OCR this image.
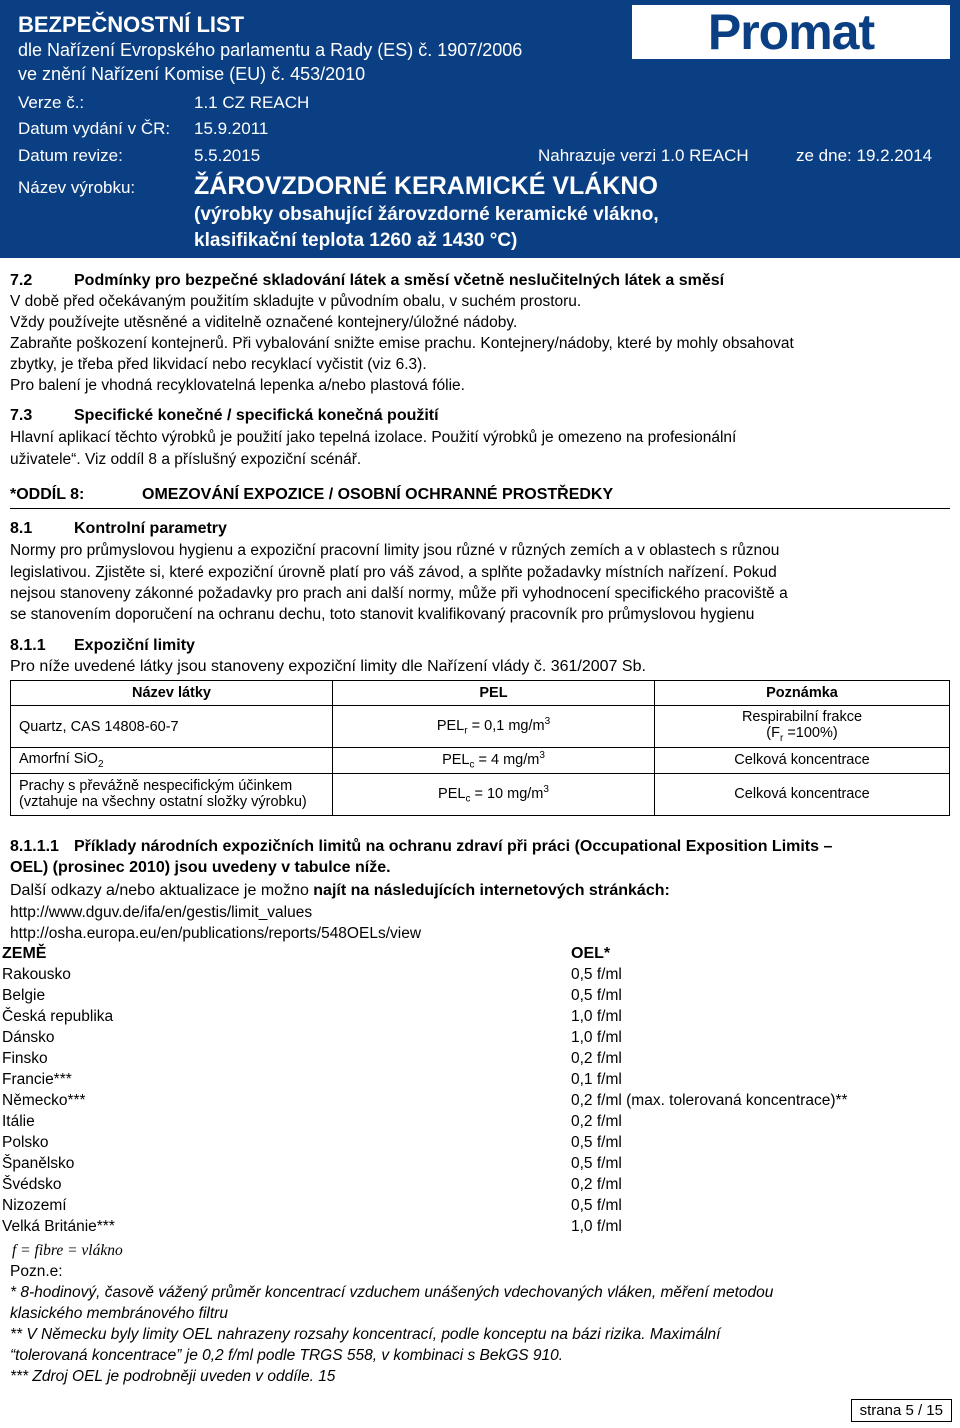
BEZPEČNOSTNÍ LIST
dle Nařízení Evropského parlamentu a Rady (ES) č. 1907/2006
ve znění Nařízení Komise (EU) č. 453/2010
Verze č.:	1.1 CZ REACH
Datum vydání v ČR: 15.9.2011
Datum revize:	5.5.2015	Nahrazuje verzi 1.0 REACH	ze dne: 19.2.2014
Název výrobku: ŽÁROVZDORNÉ KERAMICKÉ VLÁKNO
(výrobky obsahující žárovzdorné keramické vlákno,
klasifikační teplota 1260 až 1430 °C)
Promat
7.2	Podmínky pro bezpečné skladování látek a směsí včetně neslučitelných látek a směsí
V době před očekávaným použitím skladujte v původním obalu, v suchém prostoru.
Vždy používejte utěsněné a viditelně označené kontejnery/úložné nádoby.
Zabraňte poškození kontejnerů. Při vybalování snižte emise prachu. Kontejnery/nádoby, které by mohly obsahovat
zbytky, je třeba před likvidací nebo recyklací vyčistit (viz 6.3).
Pro balení je vhodná recyklovatelná lepenka a/nebo plastová fólie.
7.3	Specifické konečné / specifická konečná použití
Hlavní aplikací těchto výrobků je použití jako tepelná izolace. Použití výrobků je omezeno na profesionální
uživatele“. Viz oddíl 8 a příslušný expoziční scénář.
*ODDÍL 8:	OMEZOVÁNÍ EXPOZICE / OSOBNÍ OCHRANNÉ PROSTŘEDKY
8.1	Kontrolní parametry
Normy pro průmyslovou hygienu a expoziční pracovní limity jsou různé v různých zemích a v oblastech s různou
legislativou. Zjistěte si, které expoziční úrovně platí pro váš závod, a splňte požadavky místních nařízení. Pokud
nejsou stanoveny zákonné požadavky pro prach ani další normy, může při vyhodnocení specifického pracoviště a
se stanovením doporučení na ochranu dechu, toto stanovit kvalifikovaný pracovník pro průmyslovou hygienu
8.1.1 Expoziční limity
Pro níže uvedené látky jsou stanoveny expoziční limity dle Nařízení vlády č. 361/2007 Sb.
Název látky	PEL	Poznámka
Quartz, CAS 14808-60-7	$PEL_r = 0,1$ $mg/m^3$	Respirabilní frakce
$(F_r =100\%)$

Amorfní SiO$_2$	$PEL_c = 4$ $mg/m^3$	Celková koncentrace

Prachy s převážně nespecifickým účinkem
(vztahuje na všechny ostatní složky výrobku)	$PEL_c = 10$ $mg/m^3$	Celková koncentrace
8.1.1.1 Příklady národních expozičních limitů na ochranu zdraví při práci (Occupational Exposition Limits –
OEL) (prosinec 2010) jsou uvedeny v tabulce níže.
Další odkazy a/nebo aktualizace je možno najít na následujících internetových stránkách:
http://www.dguv.de/ifa/en/gestis/limit_values
http://osha.europa.eu/en/publications/reports/548OELs/view
ZEMĚ	OEL*
Rakousko	0,5 f/ml
Belgie	0,5 f/ml
Česká republika	1,0 f/ml
Dánsko	1,0 f/ml
Finsko	0,2 f/ml
Francie***	0,1 f/ml
Německo***	0,2 f/ml (max. tolerovaná koncentrace)**
Itálie	0,2 f/ml
Polsko	0,5 f/ml
Španělsko	0,5 f/ml
Švédsko	0,2 f/ml
Nizozemí	0,5 f/ml
Velká Británie***	1,0 f/ml
f = fibre = vlákno
Pozn.e:
* 8-hodinový, časově vážený průměr koncentrací vzduchem unášených vdechovaných vláken, měření metodou
klasického membránového filtru
** V Německu byly limity OEL nahrazeny rozsahy koncentrací, podle konceptu na bázi rizika. Maximální
“tolerovaná koncentrace” je 0,2 f/ml podle TRGS 558, v kombinaci s BekGS 910.
*** Zdroj OEL je podrobněji uveden v oddíle. 15
strana 5 / 15
